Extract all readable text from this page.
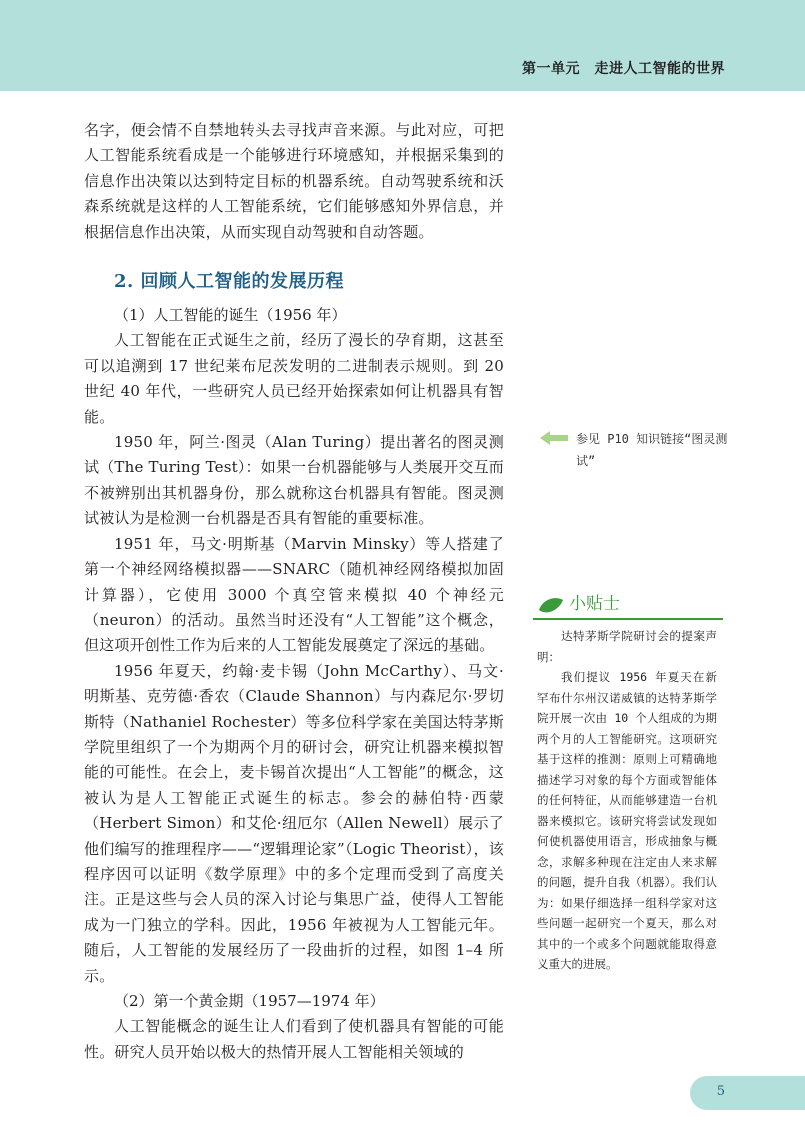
第一单元　走进人工智能的世界

名字，便会情不自禁地转头去寻找声音来源。与此对应，可把人工智能系统看成是一个能够进行环境感知，并根据采集到的信息作出决策以达到特定目标的机器系统。自动驾驶系统和沃森系统就是这样的人工智能系统，它们能够感知外界信息，并根据信息作出决策，从而实现自动驾驶和自动答题。

2. 回顾人工智能的发展历程

（1）人工智能的诞生（1956 年）

人工智能在正式诞生之前，经历了漫长的孕育期，这甚至可以追溯到 17 世纪莱布尼茨发明的二进制表示规则。到 20 世纪 40 年代，一些研究人员已经开始探索如何让机器具有智能。

1950 年，阿兰·图灵（Alan Turing）提出著名的图灵测试（The Turing Test）：如果一台机器能够与人类展开交互而不被辨别出其机器身份，那么就称这台机器具有智能。图灵测试被认为是检测一台机器是否具有智能的重要标准。

1951 年，马文·明斯基（Marvin Minsky）等人搭建了第一个神经网络模拟器——SNARC（随机神经网络模拟加固计算器），它使用 3000 个真空管来模拟 40 个神经元（neuron）的活动。虽然当时还没有“人工智能”这个概念，但这项开创性工作为后来的人工智能发展奠定了深远的基础。

1956 年夏天，约翰·麦卡锡（John McCarthy）、马文·明斯基、克劳德·香农（Claude Shannon）与内森尼尔·罗切斯特（Nathaniel Rochester）等多位科学家在美国达特茅斯学院里组织了一个为期两个月的研讨会，研究让机器来模拟智能的可能性。在会上，麦卡锡首次提出“人工智能”的概念，这被认为是人工智能正式诞生的标志。参会的赫伯特·西蒙（Herbert Simon）和艾伦·纽厄尔（Allen Newell）展示了他们编写的推理程序——“逻辑理论家”（Logic Theorist），该程序因可以证明《数学原理》中的多个定理而受到了高度关注。正是这些与会人员的深入讨论与集思广益，使得人工智能成为一门独立的学科。因此，1956 年被视为人工智能元年。随后，人工智能的发展经历了一段曲折的过程，如图 1–4 所示。

（2）第一个黄金期（1957—1974 年）

人工智能概念的诞生让人们看到了使机器具有智能的可能性。研究人员开始以极大的热情开展人工智能相关领域的

参见 P10 知识链接“图灵测试”
小贴士

达特茅斯学院研讨会的提案声明：

我们提议 1956 年夏天在新罕布什尔州汉诺威镇的达特茅斯学院开展一次由 10 个人组成的为期两个月的人工智能研究。这项研究基于这样的推测：原则上可精确地描述学习对象的每个方面或智能体的任何特征，从而能够建造一台机器来模拟它。该研究将尝试发现如何使机器使用语言，形成抽象与概念，求解多种现在注定由人来求解的问题，提升自我（机器）。我们认为：如果仔细选择一组科学家对这些问题一起研究一个夏天，那么对其中的一个或多个问题就能取得意义重大的进展。

5
